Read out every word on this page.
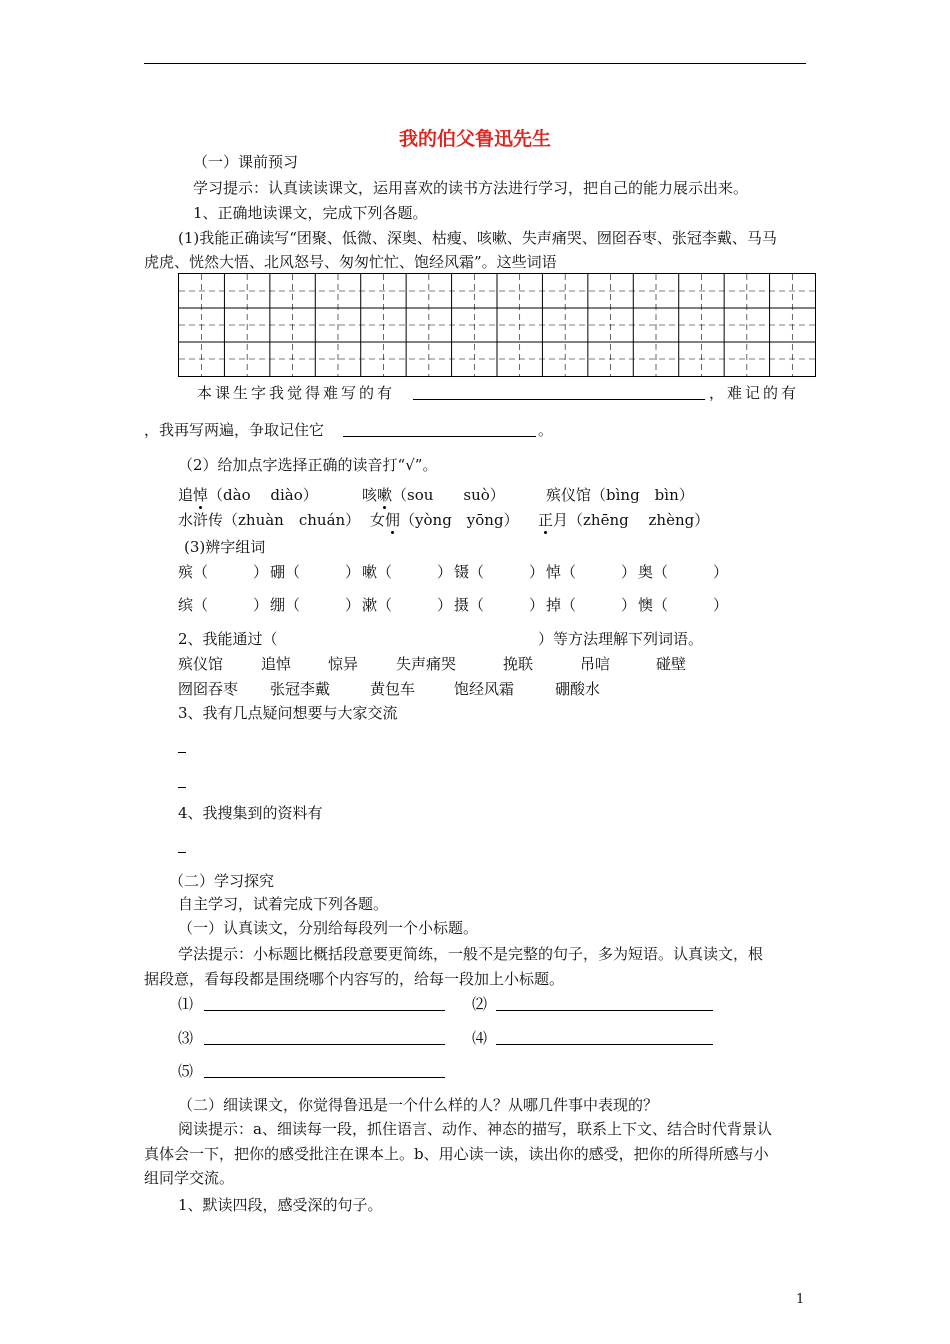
我的伯父鲁迅先生
（一）课前预习
学习提示：认真读读课文，运用喜欢的读书方法进行学习，把自己的能力展示出来。
1、正确地读课文，完成下列各题。
(1)我能正确读写“团聚、低微、深奥、枯瘦、咳嗽、失声痛哭、囫囵吞枣、张冠李戴、马马
虎虎、恍然大悟、北风怒号、匆匆忙忙、饱经风霜”。这些词语
本课生字我觉得难写的有	，难记的有
，我再写两遍，争取记住它	。
（2）给加点字选择正确的读音打“√”。
追悼（dào　 diào）	咳嗽（sou　　suò）	殡仪馆（bìng　bìn）
水浒传（zhuàn　chuán） 女佣（yòng　yōng） 正月（zhēng　 zhèng）
(3)辨字组词
殡（　　　） 硼（　　　） 嗽（　　　） 镊（　　　） 悼（　　　） 奥（　　　）
缤（　　　） 绷（　　　） 漱（　　　） 摄（　　　） 掉（　　　） 懊（　　　）
2、我能通过（	）等方法理解下列词语。
殡仪馆	追悼 惊异	失声痛哭	挽联	吊唁	碰壁
囫囵吞枣 张冠李戴	黄包车	饱经风霜	硼酸水
3、我有几点疑问想要与大家交流
4、我搜集到的资料有
（二）学习探究
自主学习，试着完成下列各题。
（一）认真读文，分别给每段列一个小标题。
学法提示：小标题比概括段意要更简练，一般不是完整的句子，多为短语。认真读文，根
据段意，看每段都是围绕哪个内容写的，给每一段加上小标题。
⑴	⑵
⑶	⑷
⑸
（二）细读课文，你觉得鲁迅是一个什么样的人？从哪几件事中表现的？
阅读提示：a、细读每一段，抓住语言、动作、神态的描写，联系上下文、结合时代背景认
真体会一下，把你的感受批注在课本上。b、用心读一读，读出你的感受，把你的所得所感与小
组同学交流。
1、默读四段，感受深的句子。
1
